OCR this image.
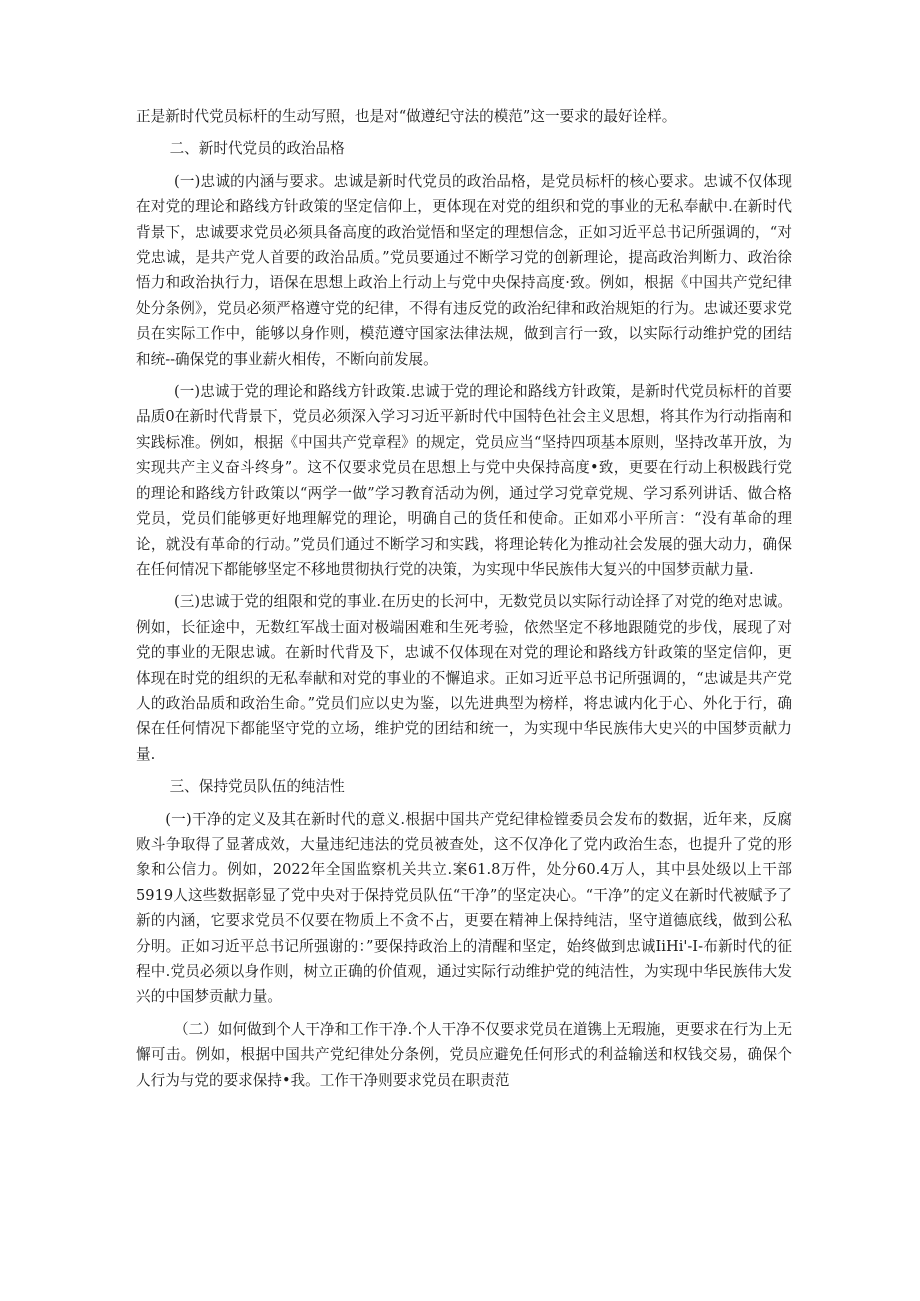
正是新时代党员标杆的生动写照，也是对“做遵纪守法的模范”这一要求的最好诠样。

二、新时代党员的政治品格

(一)忠诚的内涵与要求。忠诚是新时代党员的政治品格，是党员标杆的核心要求。忠诚不仅体现在对党的理论和路线方针政策的坚定信仰上，更体现在对党的组织和党的事业的无私奉献中.在新时代背景下，忠诚要求党员必须具备高度的政治觉悟和坚定的理想信念，正如习近平总书记所强调的，“对党忠诚，是共产党人首要的政治品质。”党员要通过不断学习党的创新理论，提高政治判断力、政治徐悟力和政治执行力，语保在思想上政治上行动上与党中央保持高度·致。例如，根据《中国共产党纪律处分条例》，党员必须严格遵守党的纪律，不得有违反党的政治纪律和政治规矩的行为。忠诚还要求党员在实际工作中，能够以身作则，模范遵守国家法律法规，做到言行一致，以实际行动维护党的团结和统--确保党的事业薪火相传，不断向前发展。

(一)忠诚于党的理论和路线方针政策.忠诚于党的理论和路线方针政策，是新时代党员标杆的首要品质0在新时代背景下，党员必须深入学习习近平新时代中国特色社会主义思想，将其作为行动指南和实践标准。例如，根据《中国共产党章程》的规定，党员应当“坚持四项基本原则，坚持改革开放，为实现共产主义奋斗终身”。这不仅要求党员在思想上与党中央保持高度•致，更要在行动上积极践行党的理论和路线方针政策以“两学一做”学习教育活动为例，通过学习党章党规、学习系列讲话、做合格党员，党员们能够更好地理解党的理论，明确自己的货任和使命。正如邓小平所言：“没有革命的理论，就没有革命的行动。”党员们通过不断学习和实践，将理论转化为推动社会发展的强大动力，确保在任何情况下都能够坚定不移地贯彻执行党的决策，为实现中华民族伟大复兴的中国梦贡献力量.

(三)忠诚于党的组限和党的事业.在历史的长河中，无数党员以实际行动诠择了对党的绝对忠诚。例如，长征途中，无数红军战士面对极端困难和生死考验，依然坚定不移地跟随党的步伐，展现了对党的事业的无限忠诚。在新时代背及下，忠诚不仅体现在对党的理论和路线方针政策的坚定信仰，更体现在时党的组织的无私奉献和对党的事业的不懈追求。正如习近平总书记所强调的，“忠诚是共产党人的政治品质和政治生命。”党员们应以史为鉴，以先进典型为榜样，将忠诚内化于心、外化于行，确保在任何情况下都能坚守党的立场，维护党的团结和统一，为实现中华民族伟大史兴的中国梦贡献力量.

三、保持党员队伍的纯洁性

(一)干净的定义及其在新时代的意义.根据中国共产党纪律检镗委员会发布的数据，近年来，反腐败斗争取得了显著成效，大量违纪违法的党员被查处，这不仅净化了党内政治生态，也提升了党的形象和公信力。例如，2022年全国监察机关共立.案61.8万件，处分60.4万人，其中县处级以上干部5919人这些数据彰显了党中央对于保持党员队伍“干净”的坚定决心。“干净”的定义在新时代被赋予了新的内涵，它要求党员不仅要在物质上不贪不占，更要在精神上保持纯洁，坚守道德底线，做到公私分明。正如习近平总书记所强谢的：”要保持政治上的清醒和坚定，始终做到忠诚IiHi'-I-布新时代的征程中.党员必须以身作则，树立正确的价值观，通过实际行动维护党的纯洁性，为实现中华民族伟大发兴的中国梦贡献力量。

（二）如何做到个人干净和工作干净.个人干净不仅要求党员在道镌上无瑕施，更要求在行为上无懈可击。例如，根据中国共产党纪律处分条例，党员应避免任何形式的利益输送和权钱交易，确保个人行为与党的要求保持•我。工作干净则要求党员在职责范
